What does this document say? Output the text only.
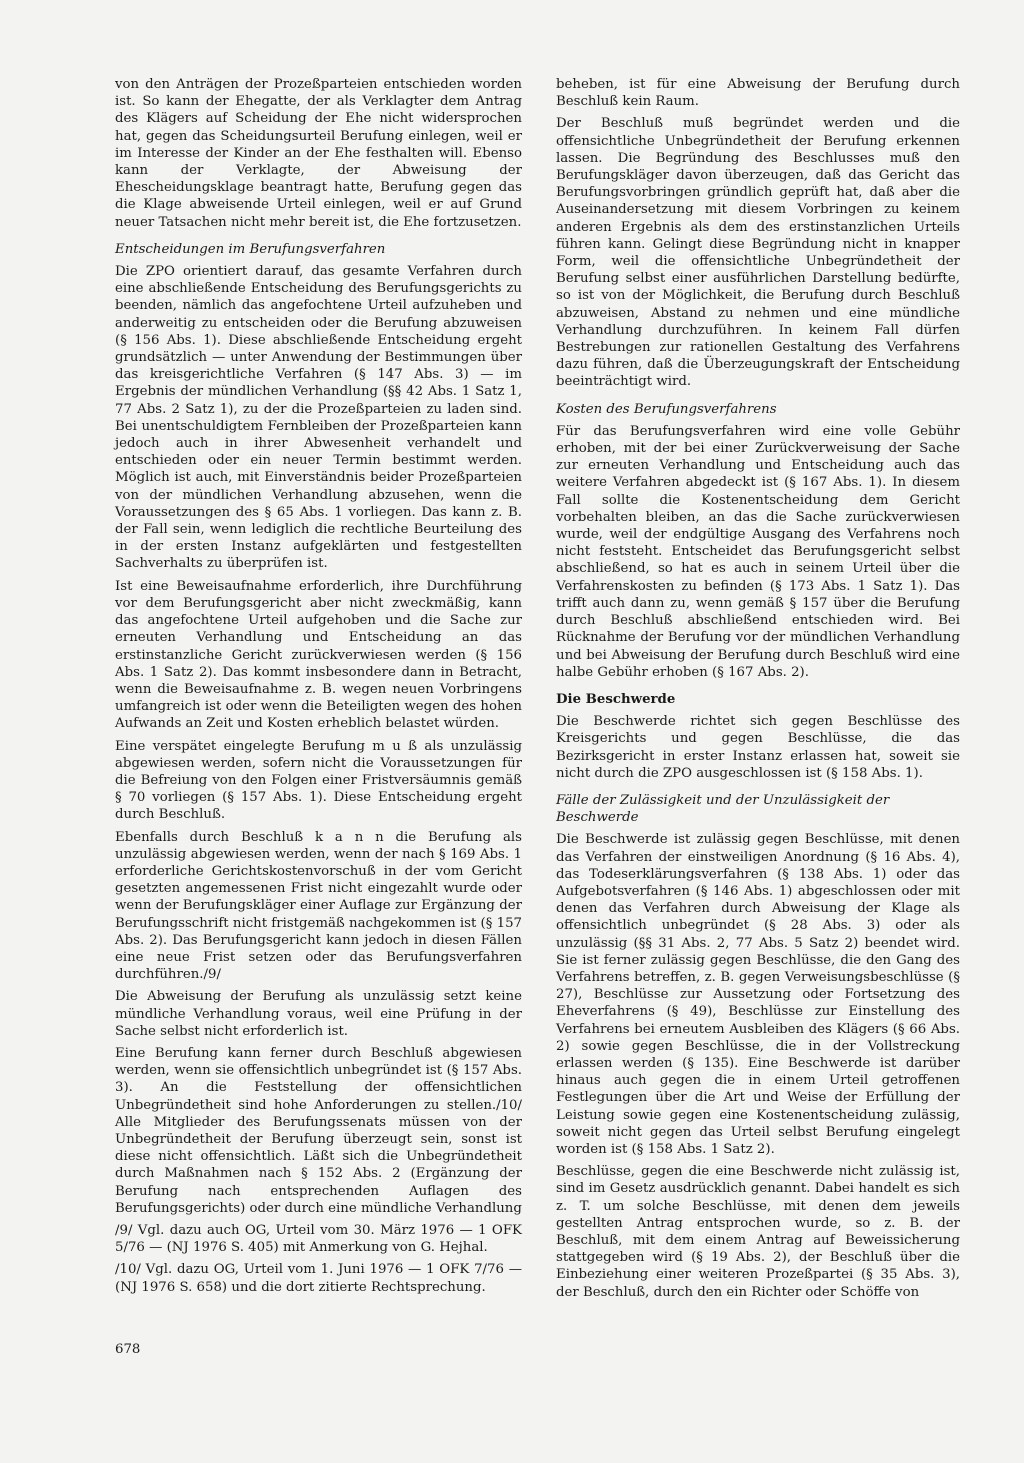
von den Anträgen der Prozeßparteien entschieden worden ist. So kann der Ehegatte, der als Verklagter dem Antrag des Klägers auf Scheidung der Ehe nicht widersprochen hat, gegen das Scheidungsurteil Berufung einlegen, weil er im Interesse der Kinder an der Ehe festhalten will. Ebenso kann der Verklagte, der Abweisung der Ehescheidungsklage beantragt hatte, Berufung gegen das die Klage abweisende Urteil einlegen, weil er auf Grund neuer Tatsachen nicht mehr bereit ist, die Ehe fortzusetzen.

Entscheidungen im Berufungsverfahren

Die ZPO orientiert darauf, das gesamte Verfahren durch eine abschließende Entscheidung des Berufungsgerichts zu beenden, nämlich das angefochtene Urteil aufzuheben und anderweitig zu entscheiden oder die Berufung abzuweisen (§ 156 Abs. 1). Diese abschließende Entscheidung ergeht grundsätzlich — unter Anwendung der Bestimmungen über das kreisgerichtliche Verfahren (§ 147 Abs. 3) — im Ergebnis der mündlichen Verhandlung (§§ 42 Abs. 1 Satz 1, 77 Abs. 2 Satz 1), zu der die Prozeßparteien zu laden sind. Bei unentschuldigtem Fernbleiben der Prozeßparteien kann jedoch auch in ihrer Abwesenheit verhandelt und entschieden oder ein neuer Termin bestimmt werden. Möglich ist auch, mit Einverständnis beider Prozeßparteien von der mündlichen Verhandlung abzusehen, wenn die Voraussetzungen des § 65 Abs. 1 vorliegen. Das kann z. B. der Fall sein, wenn lediglich die rechtliche Beurteilung des in der ersten Instanz aufgeklärten und festgestellten Sachverhalts zu überprüfen ist.

Ist eine Beweisaufnahme erforderlich, ihre Durchführung vor dem Berufungsgericht aber nicht zweckmäßig, kann das angefochtene Urteil aufgehoben und die Sache zur erneuten Verhandlung und Entscheidung an das erstinstanzliche Gericht zurückverwiesen werden (§ 156 Abs. 1 Satz 2). Das kommt insbesondere dann in Betracht, wenn die Beweisaufnahme z. B. wegen neuen Vorbringens umfangreich ist oder wenn die Beteiligten wegen des hohen Aufwands an Zeit und Kosten erheblich belastet würden.

Eine verspätet eingelegte Berufung m u ß als unzulässig abgewiesen werden, sofern nicht die Voraussetzungen für die Befreiung von den Folgen einer Fristversäumnis gemäß § 70 vorliegen (§ 157 Abs. 1). Diese Entscheidung ergeht durch Beschluß.

Ebenfalls durch Beschluß k a n n die Berufung als unzulässig abgewiesen werden, wenn der nach § 169 Abs. 1 erforderliche Gerichtskostenvorschuß in der vom Gericht gesetzten angemessenen Frist nicht eingezahlt wurde oder wenn der Berufungskläger einer Auflage zur Ergänzung der Berufungsschrift nicht fristgemäß nachgekommen ist (§ 157 Abs. 2). Das Berufungsgericht kann jedoch in diesen Fällen eine neue Frist setzen oder das Berufungsverfahren durchführen./9/

Die Abweisung der Berufung als unzulässig setzt keine mündliche Verhandlung voraus, weil eine Prüfung in der Sache selbst nicht erforderlich ist.

Eine Berufung kann ferner durch Beschluß abgewiesen werden, wenn sie offensichtlich unbegründet ist (§ 157 Abs. 3). An die Feststellung der offensichtlichen Unbegründetheit sind hohe Anforderungen zu stellen./10/ Alle Mitglieder des Berufungssenats müssen von der Unbegründetheit der Berufung überzeugt sein, sonst ist diese nicht offensichtlich. Läßt sich die Unbegründetheit durch Maßnahmen nach § 152 Abs. 2 (Ergänzung der Berufung nach entsprechenden Auflagen des Berufungsgerichts) oder durch eine mündliche Verhandlung

/9/ Vgl. dazu auch OG, Urteil vom 30. März 1976 — 1 OFK 5/76 — (NJ 1976 S. 405) mit Anmerkung von G. Hejhal.

/10/ Vgl. dazu OG, Urteil vom 1. Juni 1976 — 1 OFK 7/76 — (NJ 1976 S. 658) und die dort zitierte Rechtsprechung.

beheben, ist für eine Abweisung der Berufung durch Beschluß kein Raum.

Der Beschluß muß begründet werden und die offensichtliche Unbegründetheit der Berufung erkennen lassen. Die Begründung des Beschlusses muß den Berufungskläger davon überzeugen, daß das Gericht das Berufungsvorbringen gründlich geprüft hat, daß aber die Auseinandersetzung mit diesem Vorbringen zu keinem anderen Ergebnis als dem des erstinstanzlichen Urteils führen kann. Gelingt diese Begründung nicht in knapper Form, weil die offensichtliche Unbegründetheit der Berufung selbst einer ausführlichen Darstellung bedürfte, so ist von der Möglichkeit, die Berufung durch Beschluß abzuweisen, Abstand zu nehmen und eine mündliche Verhandlung durchzuführen. In keinem Fall dürfen Bestrebungen zur rationellen Gestaltung des Verfahrens dazu führen, daß die Überzeugungskraft der Entscheidung beeinträchtigt wird.

Kosten des Berufungsverfahrens

Für das Berufungsverfahren wird eine volle Gebühr erhoben, mit der bei einer Zurückverweisung der Sache zur erneuten Verhandlung und Entscheidung auch das weitere Verfahren abgedeckt ist (§ 167 Abs. 1). In diesem Fall sollte die Kostenentscheidung dem Gericht vorbehalten bleiben, an das die Sache zurückverwiesen wurde, weil der endgültige Ausgang des Verfahrens noch nicht feststeht. Entscheidet das Berufungsgericht selbst abschließend, so hat es auch in seinem Urteil über die Verfahrenskosten zu befinden (§ 173 Abs. 1 Satz 1). Das trifft auch dann zu, wenn gemäß § 157 über die Berufung durch Beschluß abschließend entschieden wird. Bei Rücknahme der Berufung vor der mündlichen Verhandlung und bei Abweisung der Berufung durch Beschluß wird eine halbe Gebühr erhoben (§ 167 Abs. 2).

Die Beschwerde

Die Beschwerde richtet sich gegen Beschlüsse des Kreisgerichts und gegen Beschlüsse, die das Bezirksgericht in erster Instanz erlassen hat, soweit sie nicht durch die ZPO ausgeschlossen ist (§ 158 Abs. 1).

Fälle der Zulässigkeit und der Unzulässigkeit der Beschwerde

Die Beschwerde ist zulässig gegen Beschlüsse, mit denen das Verfahren der einstweiligen Anordnung (§ 16 Abs. 4), das Todeserklärungsverfahren (§ 138 Abs. 1) oder das Aufgebotsverfahren (§ 146 Abs. 1) abgeschlossen oder mit denen das Verfahren durch Abweisung der Klage als offensichtlich unbegründet (§ 28 Abs. 3) oder als unzulässig (§§ 31 Abs. 2, 77 Abs. 5 Satz 2) beendet wird. Sie ist ferner zulässig gegen Beschlüsse, die den Gang des Verfahrens betreffen, z. B. gegen Verweisungsbeschlüsse (§ 27), Beschlüsse zur Aussetzung oder Fortsetzung des Eheverfahrens (§ 49), Beschlüsse zur Einstellung des Verfahrens bei erneutem Ausbleiben des Klägers (§ 66 Abs. 2) sowie gegen Beschlüsse, die in der Vollstreckung erlassen werden (§ 135). Eine Beschwerde ist darüber hinaus auch gegen die in einem Urteil getroffenen Festlegungen über die Art und Weise der Erfüllung der Leistung sowie gegen eine Kostenentscheidung zulässig, soweit nicht gegen das Urteil selbst Berufung eingelegt worden ist (§ 158 Abs. 1 Satz 2).

Beschlüsse, gegen die eine Beschwerde nicht zulässig ist, sind im Gesetz ausdrücklich genannt. Dabei handelt es sich z. T. um solche Beschlüsse, mit denen dem jeweils gestellten Antrag entsprochen wurde, so z. B. der Beschluß, mit dem einem Antrag auf Beweissicherung stattgegeben wird (§ 19 Abs. 2), der Beschluß über die Einbeziehung einer weiteren Prozeßpartei (§ 35 Abs. 3), der Beschluß, durch den ein Richter oder Schöffe von

678
